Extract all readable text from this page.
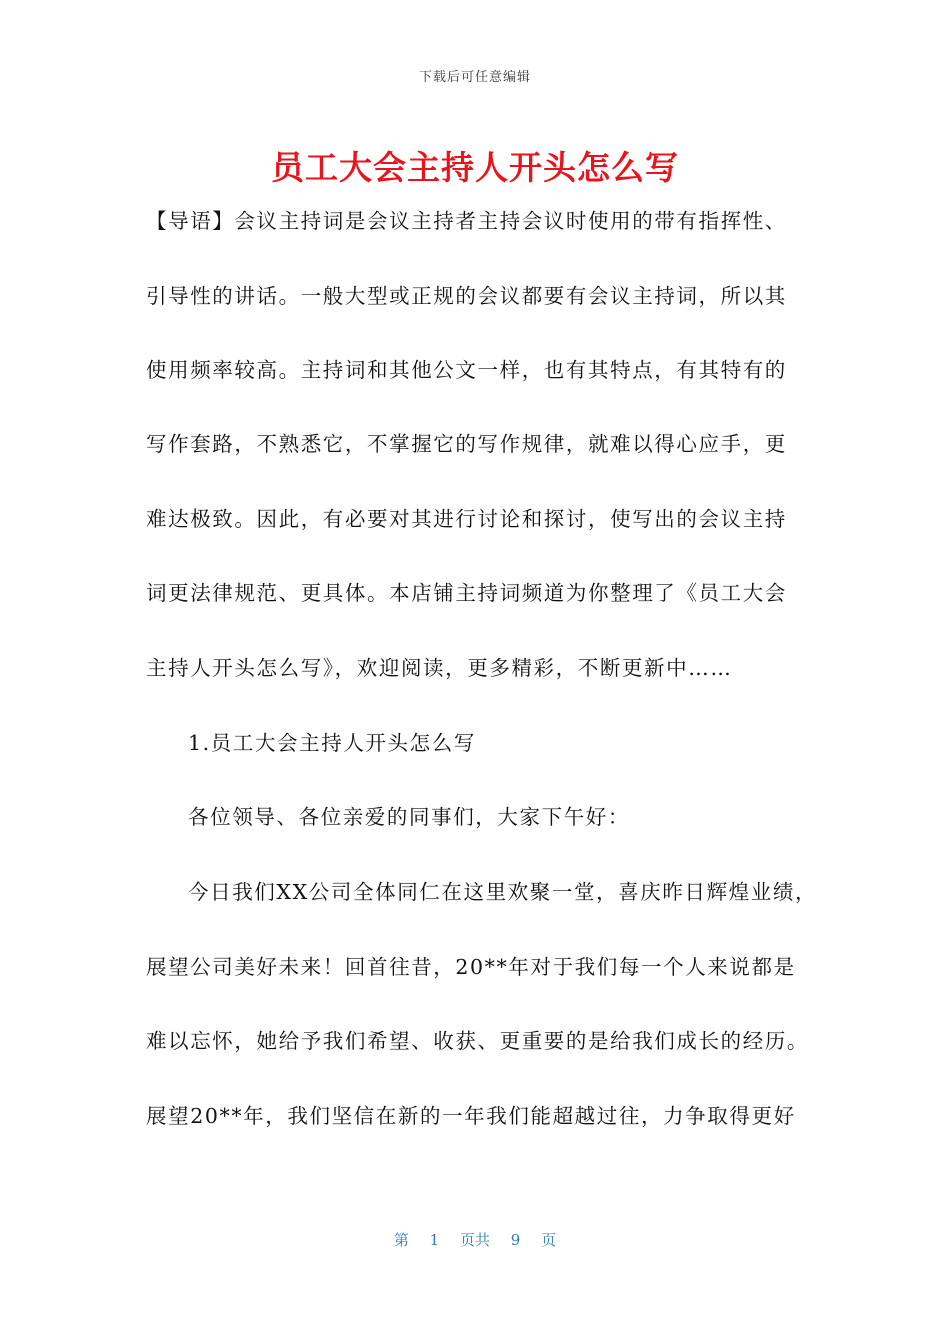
下载后可任意编辑
员工大会主持人开头怎么写
【导语】会议主持词是会议主持者主持会议时使用的带有指挥性、
引导性的讲话。一般大型或正规的会议都要有会议主持词，所以其
使用频率较高。主持词和其他公文一样，也有其特点，有其特有的
写作套路，不熟悉它，不掌握它的写作规律，就难以得心应手，更
难达极致。因此，有必要对其进行讨论和探讨，使写出的会议主持
词更法律规范、更具体。本店铺主持词频道为你整理了《员工大会
主持人开头怎么写》，欢迎阅读，更多精彩，不断更新中……
1.员工大会主持人开头怎么写
各位领导、各位亲爱的同事们，大家下午好：
今日我们XX公司全体同仁在这里欢聚一堂，喜庆昨日辉煌业绩，
展望公司美好未来！回首往昔，20**年对于我们每一个人来说都是
难以忘怀，她给予我们希望、收获、更重要的是给我们成长的经历。
展望20**年，我们坚信在新的一年我们能超越过往，力争取得更好
第 1 页共 9 页
